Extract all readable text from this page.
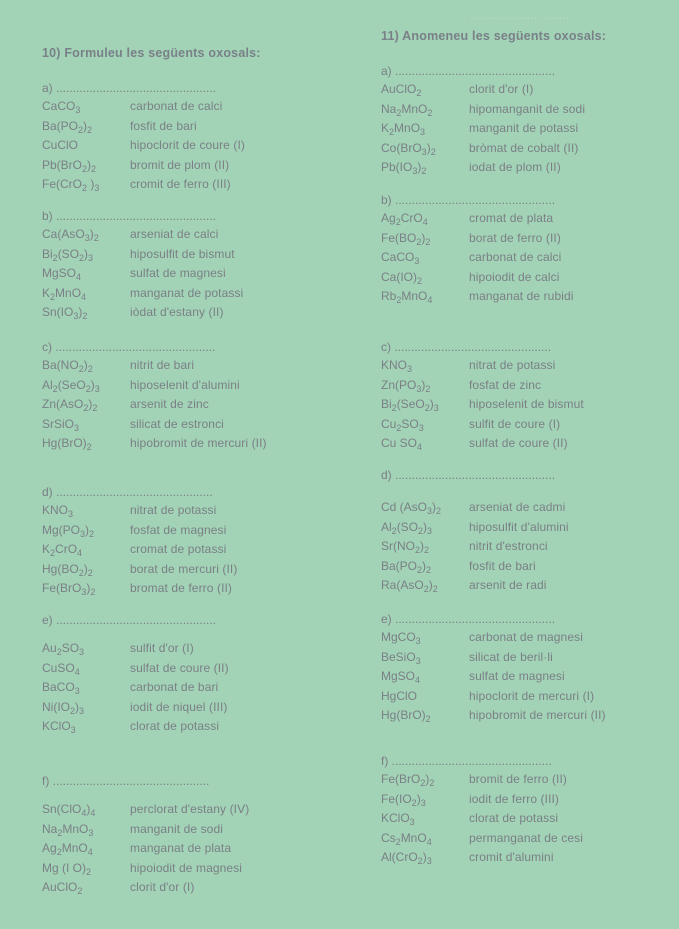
......... ......... ........
10) Formuleu les següents oxosals:
a) ................................................
CaCO$_3$	carbonat de calci
$Ba(PO_2)_2$	fosfit de bari
CuClO	hipoclorit de coure (I)
$Pb(BrO_2)_2$	bromit de plom (II)
Fe(CrO$_2$ )$_3$	cromit de ferro (III)
b) ................................................
$Ca(AsO_3)_2$	arseniat de calci
$Bi_2(SO_2)_3$	hiposulfit de bismut
MgSO$_4$	sulfat de magnesi
$K_2MnO_4$	manganat de potassi
$Sn(IO_3)_2$	iòdat d'estany (II)
c) ................................................
$Ba(NO_2)_2$	nitrit de bari
$Al_2(SeO_2)_3$	hiposelenit d'alumini
$Zn(AsO_2)_2$	arsenit de zinc
SrSiO$_3$	silicat de estronci
$Hg(BrO)_2$	hipobromit de mercuri (II)
d) ...............................................
$KNO_3$	nitrat de potassi
$Mg(PO_3)_2$	fosfat de magnesi
$K_2CrO_4$	cromat de potassi
$Hg(BO_2)_2$	borat de mercuri (II)
$Fe(BrO_3)_2$	bromat de ferro (II)
e) ................................................
$Au_2SO_3$	sulfit d'or (I)
CuSO$_4$	sulfat de coure (II)
BaCO$_3$	carbonat de bari
$Ni(IO_2)_3$	iodit de niquel (III)
KClO$_3$	clorat de potassi
f) ...............................................
$Sn(ClO_4)_4$	perclorat d'estany (IV)
$Na_2MnO_3$	manganit de sodi
$Ag_2MnO_4$	manganat de plata
Mg (I $O)_2$	hipoiodit de magnesi
AuClO$_2$	clorit d'or (I)
11) Anomeneu les següents oxosals:
a) ................................................
AuClO$_2$	clorit d'or (I)
$Na_2MnO_2$	hipomanganit de sodi
$K_2MnO_3$	manganit de potassi
$Co(BrO_3)_2$	bròmat de cobalt (II)
$Pb(IO_3)_2$	iodat de plom (II)
b) ................................................
$Ag_2CrO_4$	cromat de plata
$Fe(BO_2)_2$	borat de ferro (II)
CaCO$_3$	carbonat de calci
$Ca(IO)_2$	hipoiodit de calci
$Rb_2MnO_4$	manganat de rubidi
c) ...............................................
$KNO_3$	nitrat de potassi
$Zn(PO_3)_2$	fosfat de zinc
$Bi_2(SeO_2)_3$	hiposelenit de bismut
$Cu_2SO_3$	sulfit de coure (I)
Cu $SO_4$	sulfat de coure (II)
d) ................................................
Cd $(AsO_3)_2$ arseniat de cadmi
$Al_2(SO_2)_3$	hiposulfit d'alumini
$Sr(NO_2)_2$	nitrit d'estronci
$Ba(PO_2)_2$	fosfit de bari
$Ra(AsO_2)_2$	arsenit de radi
e) ................................................
MgCO$_3$	carbonat de magnesi
BeSiO$_3$	silicat de beril·li
MgSO$_4$	sulfat de magnesi
HgClO	hipoclorit de mercuri (I)
$Hg(BrO)_2$	hipobromit de mercuri (II)
f) ................................................
$Fe(BrO_2)_2$	bromit de ferro (II)
$Fe(IO_2)_3$	iodit de ferro (III)
KClO$_3$	clorat de potassi
$Cs_2MnO_4$	permanganat de cesi
$Al(CrO_2)_3$	cromit d'alumini
